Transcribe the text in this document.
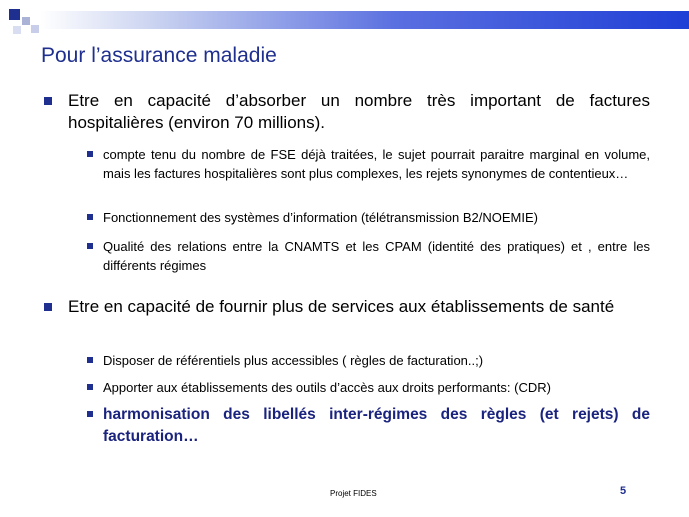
Pour l’assurance maladie
Etre en capacité d’absorber un nombre très important de factures hospitalières (environ 70 millions).
compte tenu du nombre de FSE déjà traitées, le sujet pourrait paraitre marginal en volume, mais les factures hospitalières sont plus complexes, les rejets synonymes de contentieux…
Fonctionnement des systèmes d’information (télétransmission B2/NOEMIE)
Qualité des relations entre la CNAMTS et les CPAM (identité des pratiques) et , entre les différents régimes
Etre en capacité de fournir plus de services aux établissements de santé
Disposer de référentiels plus accessibles ( règles de facturation..;)
Apporter aux établissements des outils d’accès aux droits performants: (CDR)
harmonisation des libellés inter-régimes des règles (et rejets) de facturation…
Projet FIDES	5
